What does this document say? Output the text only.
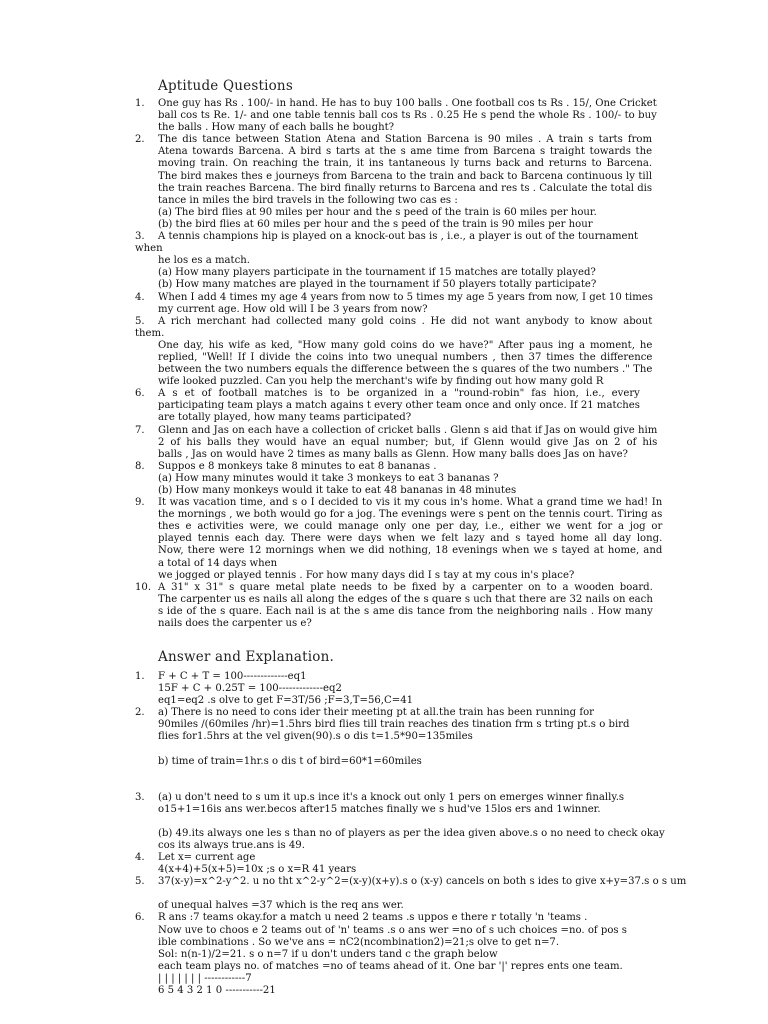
Aptitude Questions
1.	One guy has Rs . 100/- in hand. He has to buy 100 balls . One football cos ts Rs . 15/, One Cricket
ball cos ts Re. 1/- and one table tennis ball cos ts Rs . 0.25 He s pend the whole Rs . 100/- to buy
the balls . How many of each balls he bought?
2.	The dis tance between Station Atena and Station Barcena is 90 miles . A train s tarts from
Atena towards Barcena. A bird s tarts at the s ame time from Barcena s traight towards the
moving train. On reaching the train, it ins tantaneous ly turns back and returns to Barcena.
The bird makes thes e journeys from Barcena to the train and back to Barcena continuous ly till
the train reaches Barcena. The bird finally returns to Barcena and res ts . Calculate the total dis
tance in miles the bird travels in the following two cas es :
(a) The bird flies at 90 miles per hour and the s peed of the train is 60 miles per hour.
(b) the bird flies at 60 miles per hour and the s peed of the train is 90 miles per hour
3.	A tennis champions hip is played on a knock-out bas is , i.e., a player is out of the tournament
when
he los es a match.
(a) How many players participate in the tournament if 15 matches are totally played?
(b) How many matches are played in the tournament if 50 players totally participate?
4.	When I add 4 times my age 4 years from now to 5 times my age 5 years from now, I get 10 times
my current age. How old will I be 3 years from now?
5.	A rich merchant had collected many gold coins . He did not want anybody to know about
them.
One day, his wife as ked, "How many gold coins do we have?" After paus ing a moment, he
replied, "Well! If I divide the coins into two unequal numbers , then 37 times the difference
between the two numbers equals the difference between the s quares of the two numbers ." The
wife looked puzzled. Can you help the merchant's wife by finding out how many gold R
6.	A s et of football matches is to be organized in a "round-robin" fas hion, i.e., every
participating team plays a match agains t every other team once and only once. If 21 matches
are totally played, how many teams participated?
7.	Glenn and Jas on each have a collection of cricket balls . Glenn s aid that if Jas on would give him
2 of his balls they would have an equal number; but, if Glenn would give Jas on 2 of his
balls , Jas on would have 2 times as many balls as Glenn. How many balls does Jas on have?
8.	Suppos e 8 monkeys take 8 minutes to eat 8 bananas .
(a) How many minutes would it take 3 monkeys to eat 3 bananas ?
(b) How many monkeys would it take to eat 48 bananas in 48 minutes
9.	It was vacation time, and s o I decided to vis it my cous in's home. What a grand time we had! In
the mornings , we both would go for a jog. The evenings were s pent on the tennis court. Tiring as
thes e activities were, we could manage only one per day, i.e., either we went for a jog or
played tennis each day. There were days when we felt lazy and s tayed home all day long.
Now, there were 12 mornings when we did nothing, 18 evenings when we s tayed at home, and
a total of 14 days when
we jogged or played tennis . For how many days did I s tay at my cous in's place?
10. A 31" x 31" s quare metal plate needs to be fixed by a carpenter on to a wooden board.
The carpenter us es nails all along the edges of the s quare s uch that there are 32 nails on each
s ide of the s quare. Each nail is at the s ame dis tance from the neighboring nails . How many
nails does the carpenter us e?
Answer and Explanation.
1.	F + C + T = 100-------------eq1
15F + C + 0.25T = 100-------------eq2
eq1=eq2 .s olve to get F=3T/56 ;F=3,T=56,C=41
2.	a) There is no need to cons ider their meeting pt at all.the train has been running for
90miles /(60miles /hr)=1.5hrs bird flies till train reaches des tination frm s trting pt.s o bird
flies for1.5hrs at the vel given(90).s o dis t=1.5*90=135miles
b) time of train=1hr.s o dis t of bird=60*1=60miles
3.	(a) u don't need to s um it up.s ince it's a knock out only 1 pers on emerges winner finally.s
o15+1=16is ans wer.becos after15 matches finally we s hud've 15los ers and 1winner.
(b) 49.its always one les s than no of players as per the idea given above.s o no need to check okay
cos its always true.ans is 49.
4.	Let x= current age
4(x+4)+5(x+5)=10x ;s o x=R 41 years
5.	37(x-y)=x^2-y^2. u no tht x^2-y^2=(x-y)(x+y).s o (x-y) cancels on both s ides to give x+y=37.s o s um
of unequal halves =37 which is the req ans wer.
6.	R ans :7 teams okay.for a match u need 2 teams .s uppos e there r totally 'n 'teams .
Now uve to choos e 2 teams out of 'n' teams .s o ans wer =no of s uch choices =no. of pos s
ible combinations . So we've ans = nC2(ncombination2)=21;s olve to get n=7.
Sol: n(n-1)/2=21. s o n=7 if u don't unders tand c the graph below
each team plays no. of matches =no of teams ahead of it. One bar '|' repres ents one team.
| | | | | | | ------------7
6 5 4 3 2 1 0 -----------21
